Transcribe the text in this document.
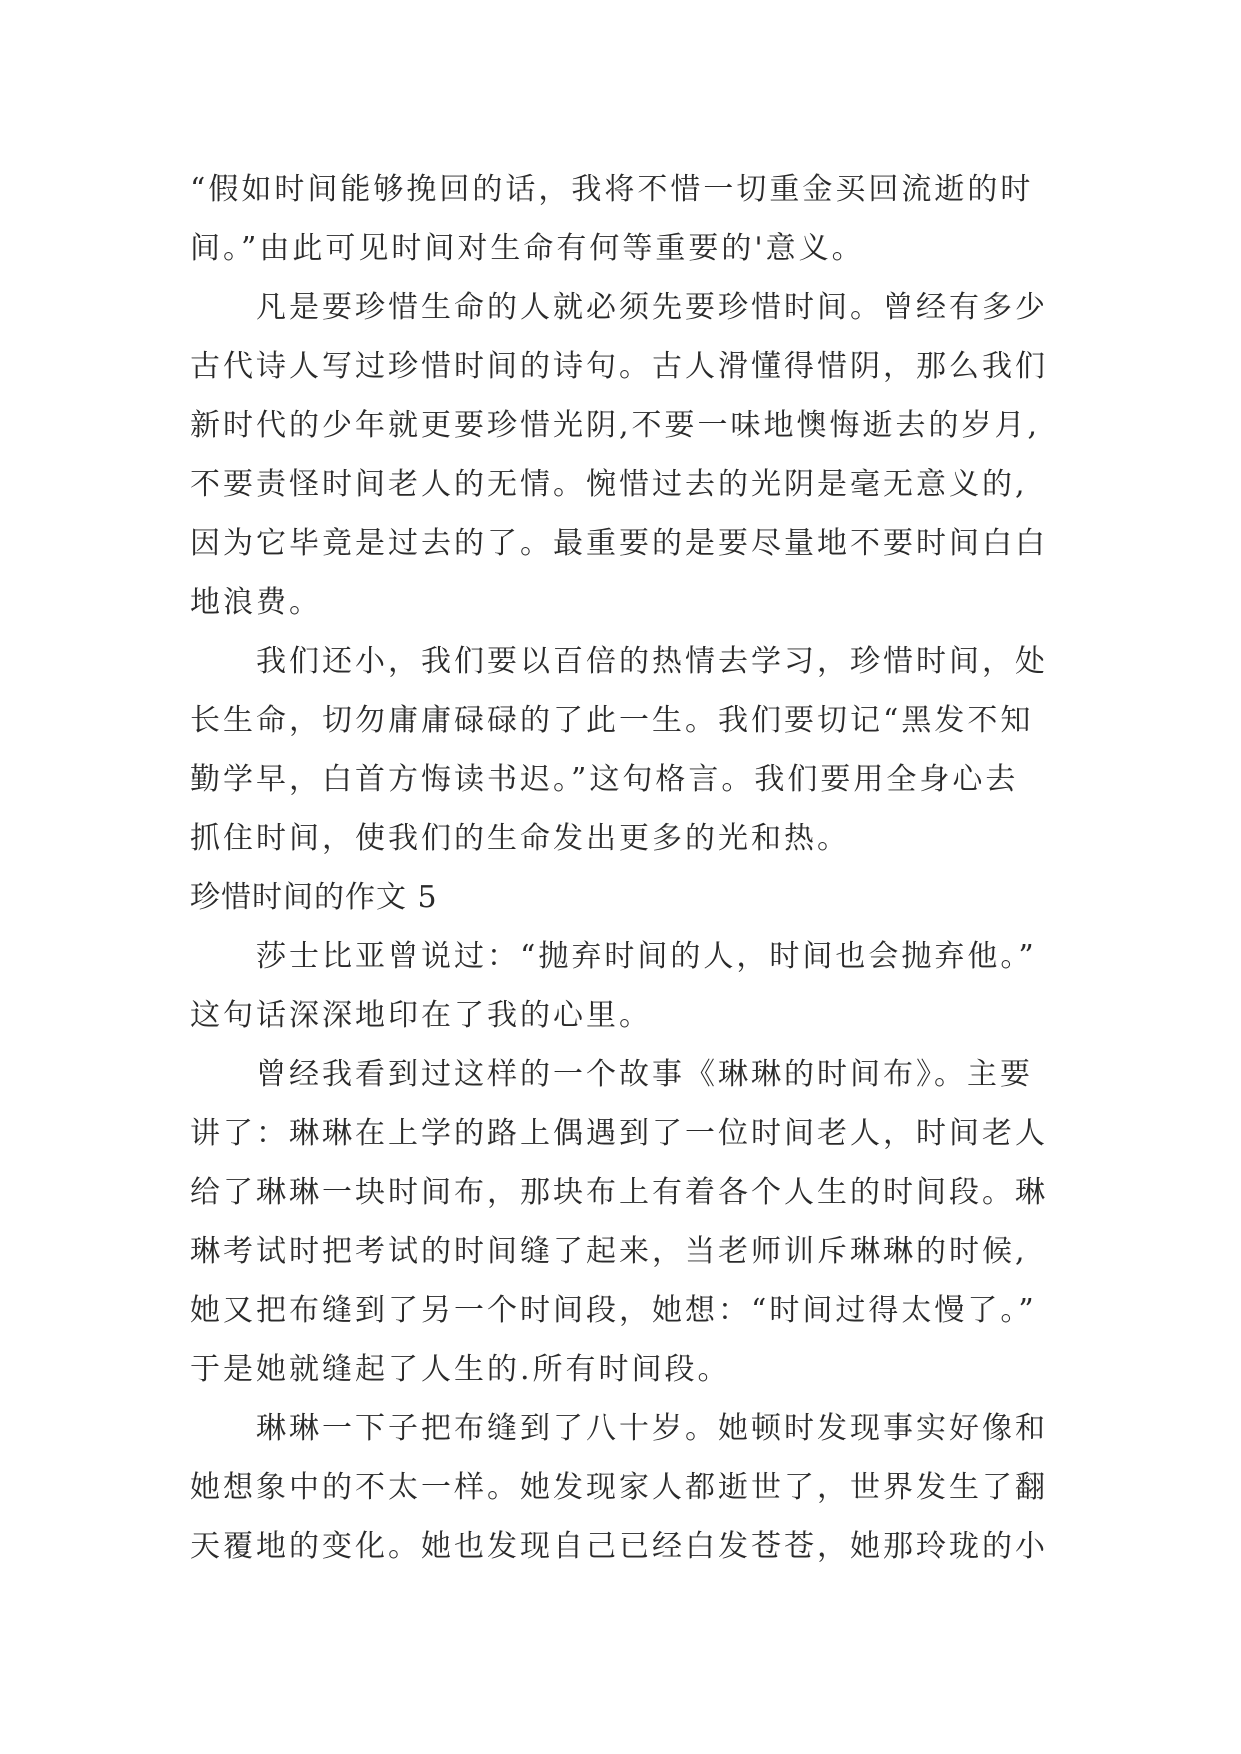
“假如时间能够挽回的话，我将不惜一切重金买回流逝的时
间。”由此可见时间对生命有何等重要的'意义。
凡是要珍惜生命的人就必须先要珍惜时间。曾经有多少
古代诗人写过珍惜时间的诗句。古人滑懂得惜阴，那么我们
新时代的少年就更要珍惜光阴,不要一味地懊悔逝去的岁月,
不要责怪时间老人的无情。惋惜过去的光阴是毫无意义的,
因为它毕竟是过去的了。最重要的是要尽量地不要时间白白
地浪费。
我们还小，我们要以百倍的热情去学习，珍惜时间，处
长生命，切勿庸庸碌碌的了此一生。我们要切记“黑发不知
勤学早，白首方悔读书迟。”这句格言。我们要用全身心去
抓住时间，使我们的生命发出更多的光和热。
珍惜时间的作文 5
莎士比亚曾说过：“抛弃时间的人，时间也会抛弃他。”
这句话深深地印在了我的心里。
曾经我看到过这样的一个故事《琳琳的时间布》。主要
讲了：琳琳在上学的路上偶遇到了一位时间老人，时间老人
给了琳琳一块时间布，那块布上有着各个人生的时间段。琳
琳考试时把考试的时间缝了起来，当老师训斥琳琳的时候,
她又把布缝到了另一个时间段，她想：“时间过得太慢了。”
于是她就缝起了人生的.所有时间段。
琳琳一下子把布缝到了八十岁。她顿时发现事实好像和
她想象中的不太一样。她发现家人都逝世了，世界发生了翻
天覆地的变化。她也发现自己已经白发苍苍，她那玲珑的小
